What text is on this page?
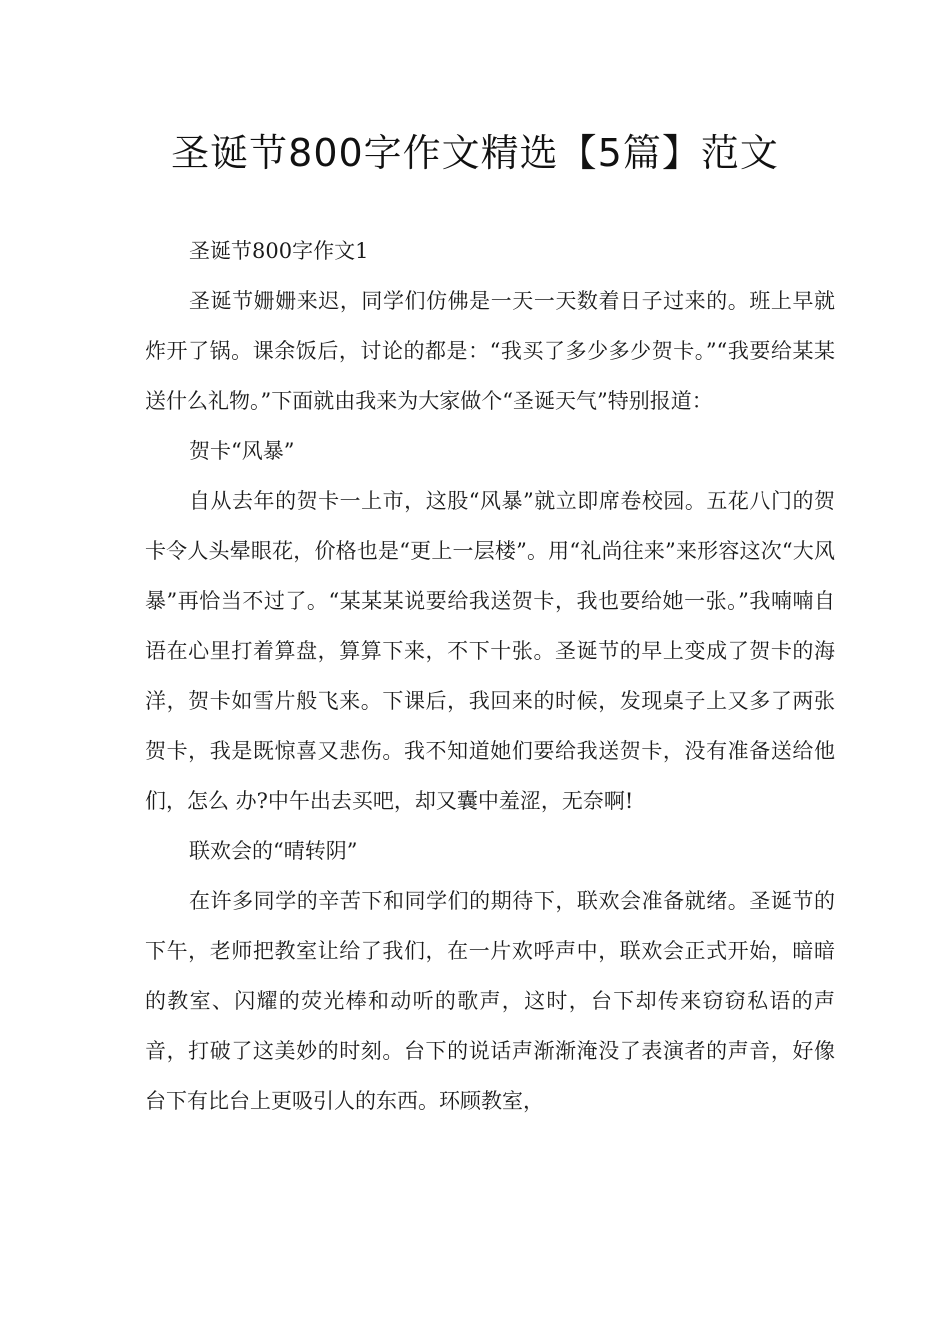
圣诞节800字作文精选【5篇】范文

圣诞节800字作文1

圣诞节姗姗来迟，同学们仿佛是一天一天数着日子过来的。班上早就炸开了锅。课余饭后，讨论的都是：“我买了多少多少贺卡。”“我要给某某送什么礼物。”下面就由我来为大家做个“圣诞天气”特别报道：

贺卡“风暴”

自从去年的贺卡一上市，这股“风暴”就立即席卷校园。五花八门的贺卡令人头晕眼花，价格也是“更上一层楼”。用“礼尚往来”来形容这次“大风暴”再恰当不过了。“某某某说要给我送贺卡，我也要给她一张。”我喃喃自语在心里打着算盘，算算下来，不下十张。圣诞节的早上变成了贺卡的海洋，贺卡如雪片般飞来。下课后，我回来的时候，发现桌子上又多了两张贺卡，我是既惊喜又悲伤。我不知道她们要给我送贺卡，没有准备送给他们，怎么 办?中午出去买吧，却又囊中羞涩，无奈啊!

联欢会的“晴转阴”

在许多同学的辛苦下和同学们的期待下，联欢会准备就绪。圣诞节的下午，老师把教室让给了我们，在一片欢呼声中，联欢会正式开始，暗暗的教室、闪耀的荧光棒和动听的歌声，这时，台下却传来窃窃私语的声音，打破了这美妙的时刻。台下的说话声渐渐淹没了表演者的声音，好像台下有比台上更吸引人的东西。环顾教室，
